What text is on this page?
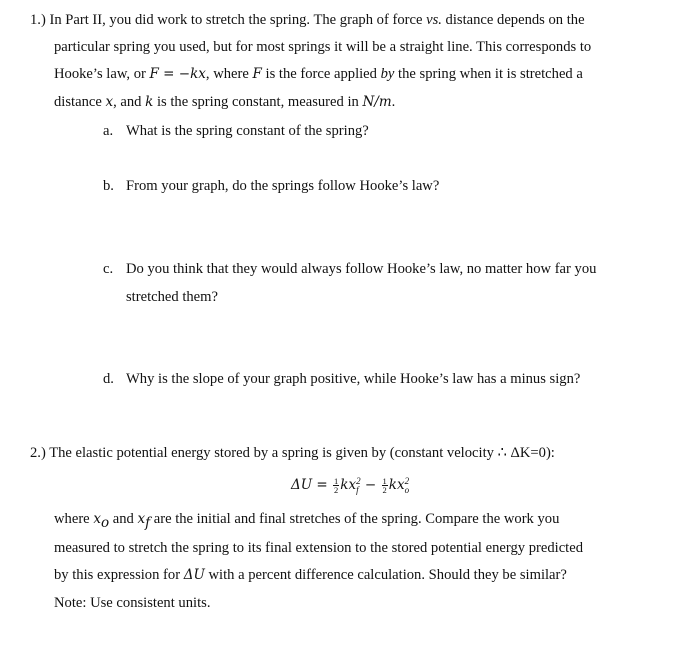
1.) In Part II, you did work to stretch the spring. The graph of force vs. distance depends on the
particular spring you used, but for most springs it will be a straight line. This corresponds to
Hooke’s law, or F = −kx, where F is the force applied by the spring when it is stretched a
distance x, and k is the spring constant, measured in N/m.
a. What is the spring constant of the spring?
b. From your graph, do the springs follow Hooke’s law?
c. Do you think that they would always follow Hooke’s law, no matter how far you
stretched them?
d. Why is the slope of your graph positive, while Hooke’s law has a minus sign?
2.) The elastic potential energy stored by a spring is given by (constant velocity ∴ ΔK=0):
$\Delta U = \frac{1}{2}$ kx 2
$f - \frac{1}{2}$ kx 2
o
where $x_o$ and $x_f$ are the initial and final stretches of the spring. Compare the work you
measured to stretch the spring to its final extension to the stored potential energy predicted
by this expression for ΔU with a percent difference calculation. Should they be similar?
Note: Use consistent units.
